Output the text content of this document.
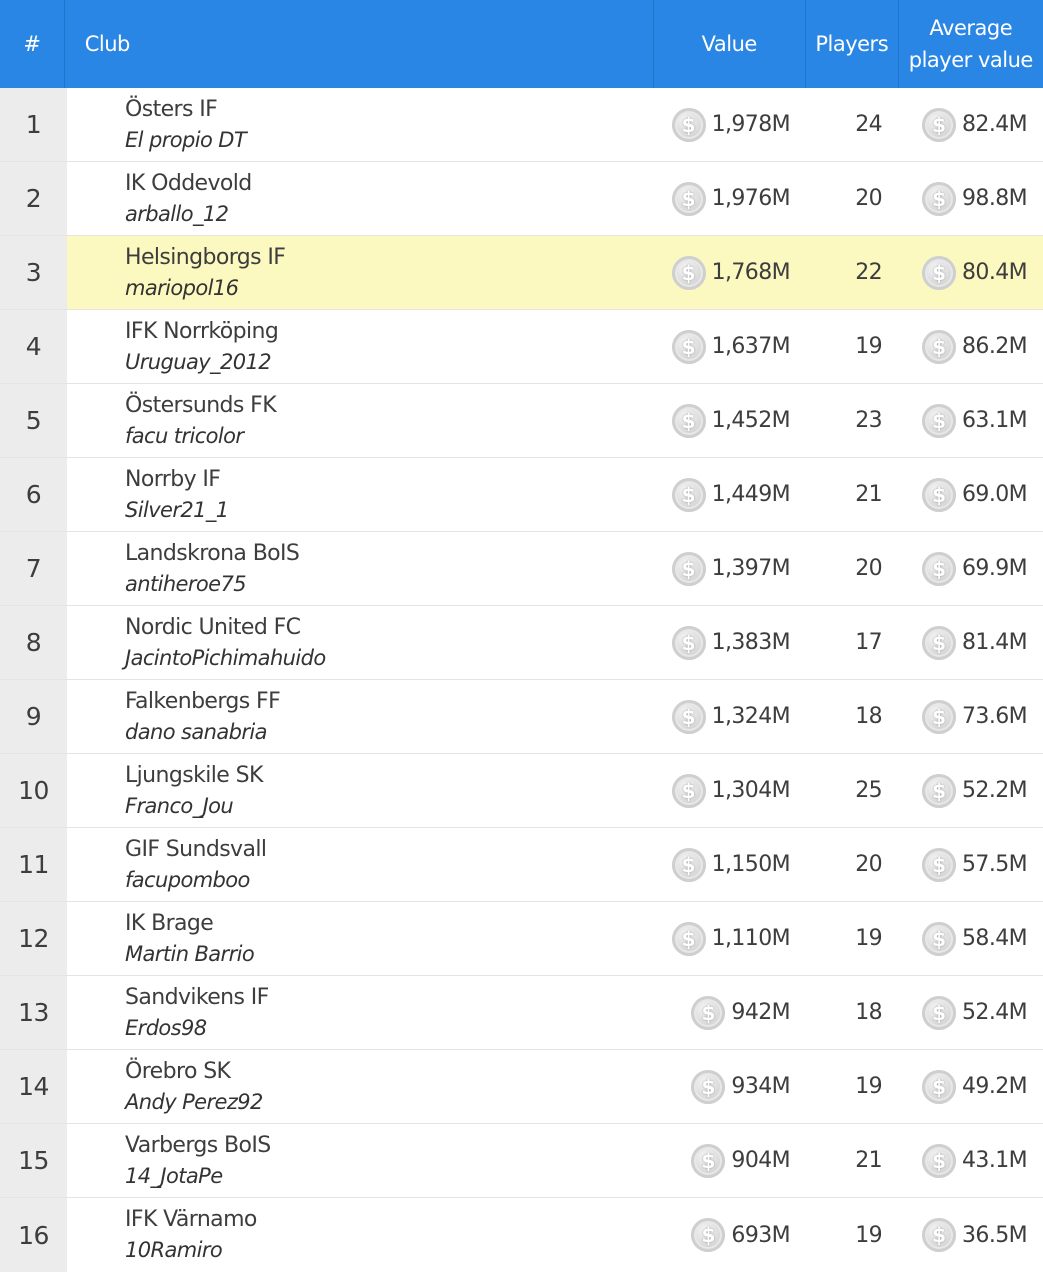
#	Club	Value	Players
Average
player value
1
Östers IF
El propio DT
$ 1,978M	24	$ 82.4M
2
IK Oddevold
arballo_12
$ 1,976M	20	$ 98.8M
3
Helsingborgs IF
mariopol16
$ 1,768M	22	$ 80.4M
4
IFK Norrköping
Uruguay_2012
$ 1,637M	19	$ 86.2M
5
Östersunds FK
facu tricolor
$ 1,452M	23	$ 63.1M
6
Norrby IF
Silver21_1
$ 1,449M	21	$ 69.0M
7
Landskrona BoIS
antiheroe75
$ 1,397M	20	$ 69.9M
8
Nordic United FC
JacintoPichimahuido
$ 1,383M	17	$ 81.4M
9
Falkenbergs FF
dano sanabria
$ 1,324M	18	$ 73.6M
10
Ljungskile SK
Franco_Jou
$ 1,304M	25	$ 52.2M
11
GIF Sundsvall
facupomboo
$ 1,150M	20	$ 57.5M
12
IK Brage
Martin Barrio
$ 1,110M	19	$ 58.4M
13
Sandvikens IF
Erdos98
$ 942M	18	$ 52.4M
14
Örebro SK
Andy Perez92
$ 934M	19	$ 49.2M
15
Varbergs BoIS
14_JotaPe
$ 904M	21	$ 43.1M
16
IFK Värnamo
10Ramiro
$ 693M	19	$ 36.5M
